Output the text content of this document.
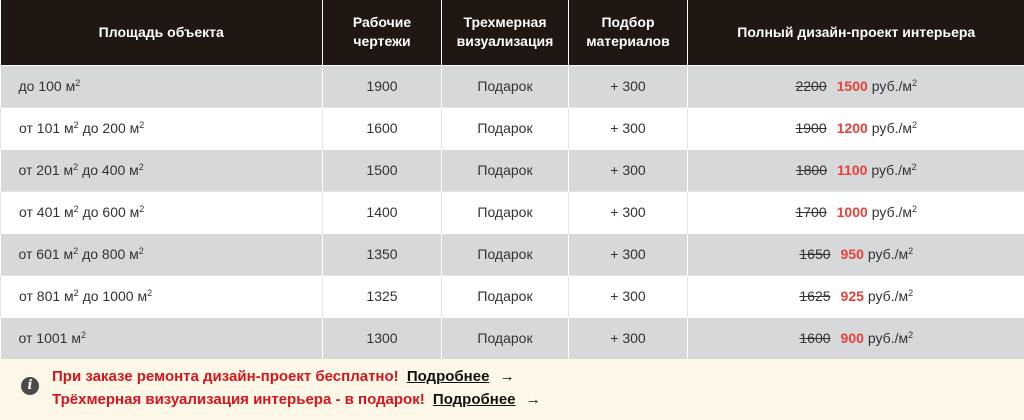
Площадь объекта	Рабочие чертежи	Трехмерная визуализация	Подбор материалов	Полный дизайн-проект интерьера
до 100 $м^2$	1900	Подарок	+ 300	2200 1500 $руб./м^2$
от 101 $м^2$ до 200 $м^2$	1600	Подарок	+ 300	1900 1200 $руб./м^2$
от 201 $м^2$ до 400 $м^2$	1500	Подарок	+ 300	1800 1100 $руб./м^2$
от 401 $м^2$ до 600 $м^2$	1400	Подарок	+ 300	1700 1000 $руб./м^2$
от 601 $м^2$ до 800 $м^2$	1350	Подарок	+ 300	1650 950 $руб./м^2$
от 801 $м^2$ до 1000 $м^2$	1325	Подарок	+ 300	1625 925 $руб./м^2$
от 1001 $м^2$	1300	Подарок	+ 300	1600 900 $руб./м^2$
i
При заказе ремонта дизайн-проект бесплатно! Подробнее →
Трёхмерная визуализация интерьера - в подарок! Подробнее →
